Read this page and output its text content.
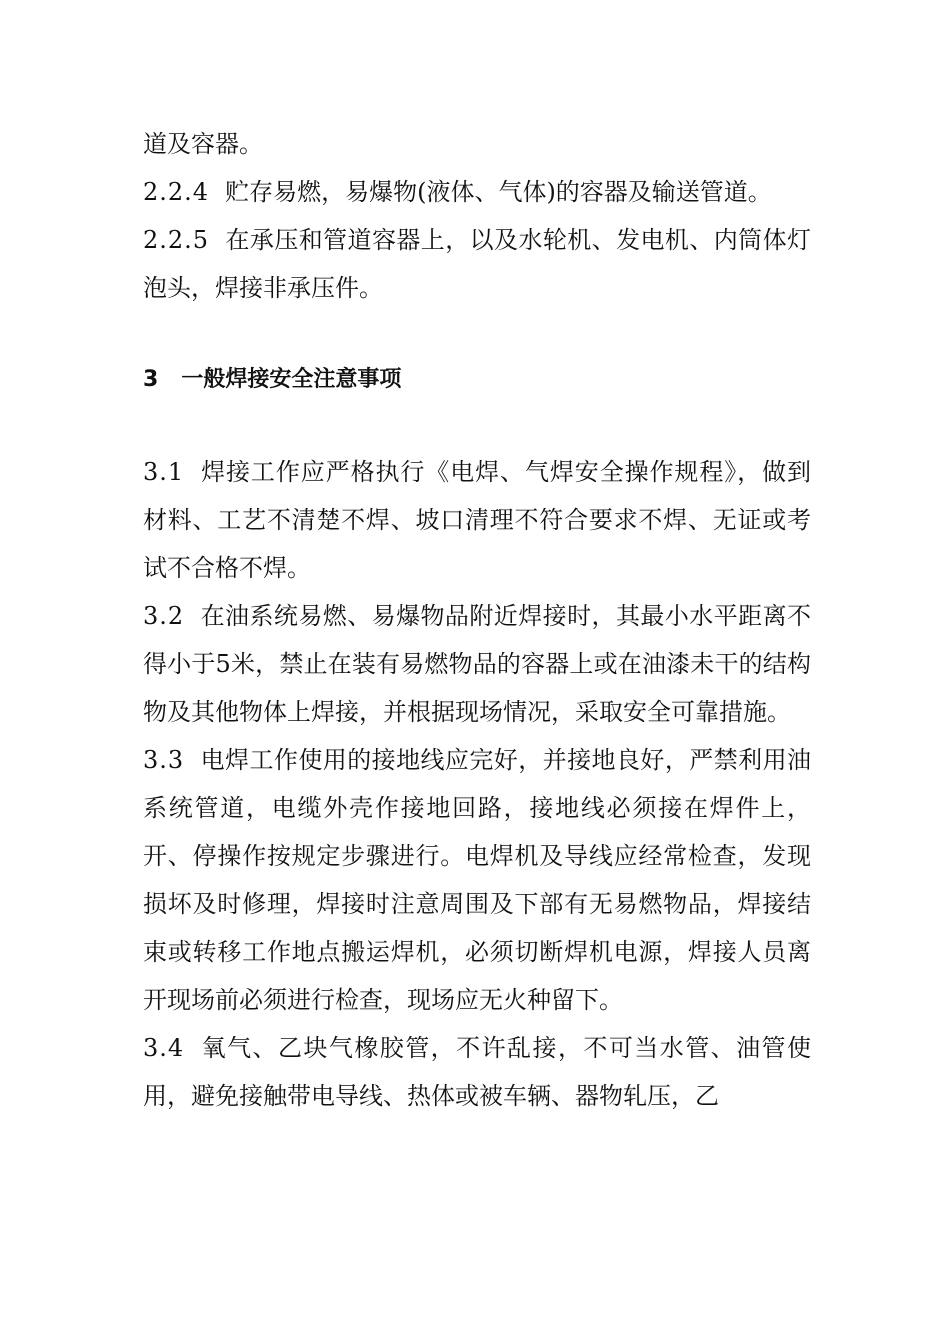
道及容器。

2.2.4 贮存易燃，易爆物(液体、气体)的容器及输送管道。

2.2.5 在承压和管道容器上，以及水轮机、发电机、内筒体灯泡头，焊接非承压件。

3 一般焊接安全注意事项

3.1 焊接工作应严格执行《电焊、气焊安全操作规程》，做到材料、工艺不清楚不焊、坡口清理不符合要求不焊、无证或考试不合格不焊。

3.2 在油系统易燃、易爆物品附近焊接时，其最小水平距离不得小于5米，禁止在装有易燃物品的容器上或在油漆未干的结构物及其他物体上焊接，并根据现场情况，采取安全可靠措施。

3.3 电焊工作使用的接地线应完好，并接地良好，严禁利用油系统管道，电缆外壳作接地回路，接地线必须接在焊件上，开、停操作按规定步骤进行。电焊机及导线应经常检查，发现损坏及时修理，焊接时注意周围及下部有无易燃物品，焊接结束或转移工作地点搬运焊机，必须切断焊机电源，焊接人员离开现场前必须进行检查，现场应无火种留下。

3.4 氧气、乙块气橡胶管，不许乱接，不可当水管、油管使用，避免接触带电导线、热体或被车辆、器物轧压，乙
